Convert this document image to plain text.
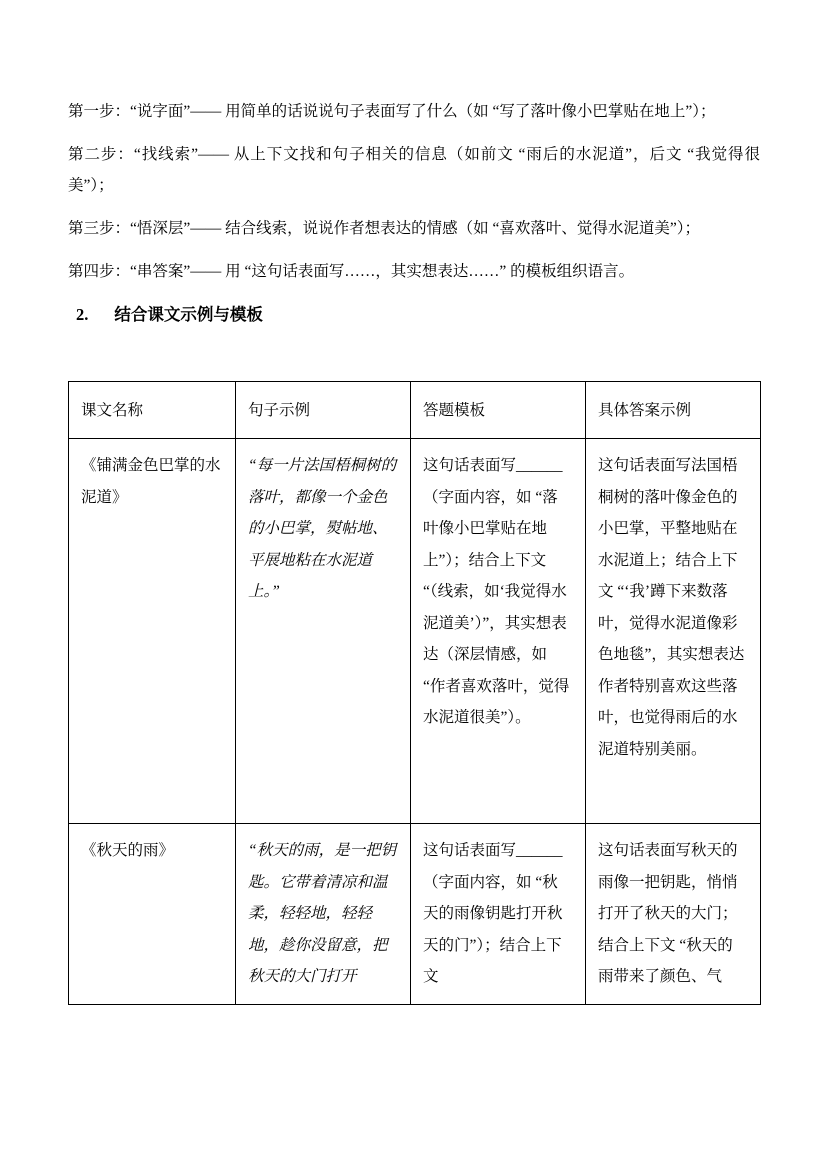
第一步：“说字面”—— 用简单的话说说句子表面写了什么（如 “写了落叶像小巴掌贴在地上”）；

第二步：“找线索”—— 从上下文找和句子相关的信息（如前文 “雨后的水泥道”，后文 “我觉得很美”）；

第三步：“悟深层”—— 结合线索，说说作者想表达的情感（如 “喜欢落叶、觉得水泥道美”）；

第四步：“串答案”—— 用 “这句话表面写……，其实想表达……” 的模板组织语言。

2. 结合课文示例与模板
课文名称	句子示例	答题模板	具体答案示例
《铺满金色巴掌的水泥道》	“每一片法国梧桐树的落叶，都像一个金色的小巴掌，熨帖地、平展地粘在水泥道上。”	这句话表面写______（字面内容，如 “落叶像小巴掌贴在地上”）；结合上下文 “（线索，如‘我觉得水泥道美’）”，其实想表达（深层情感，如 “作者喜欢落叶，觉得水泥道很美”）。	这句话表面写法国梧桐树的落叶像金色的小巴掌，平整地贴在水泥道上；结合上下文 “‘我’蹲下来数落叶，觉得水泥道像彩色地毯”，其实想表达作者特别喜欢这些落叶，也觉得雨后的水泥道特别美丽。
《秋天的雨》	“秋天的雨，是一把钥匙。它带着清凉和温柔，轻轻地，轻轻地，趁你没留意，把秋天的大门打开	这句话表面写______（字面内容，如 “秋天的雨像钥匙打开秋天的门”）；结合上下文	这句话表面写秋天的雨像一把钥匙，悄悄打开了秋天的大门；结合上下文 “秋天的雨带来了颜色、气
